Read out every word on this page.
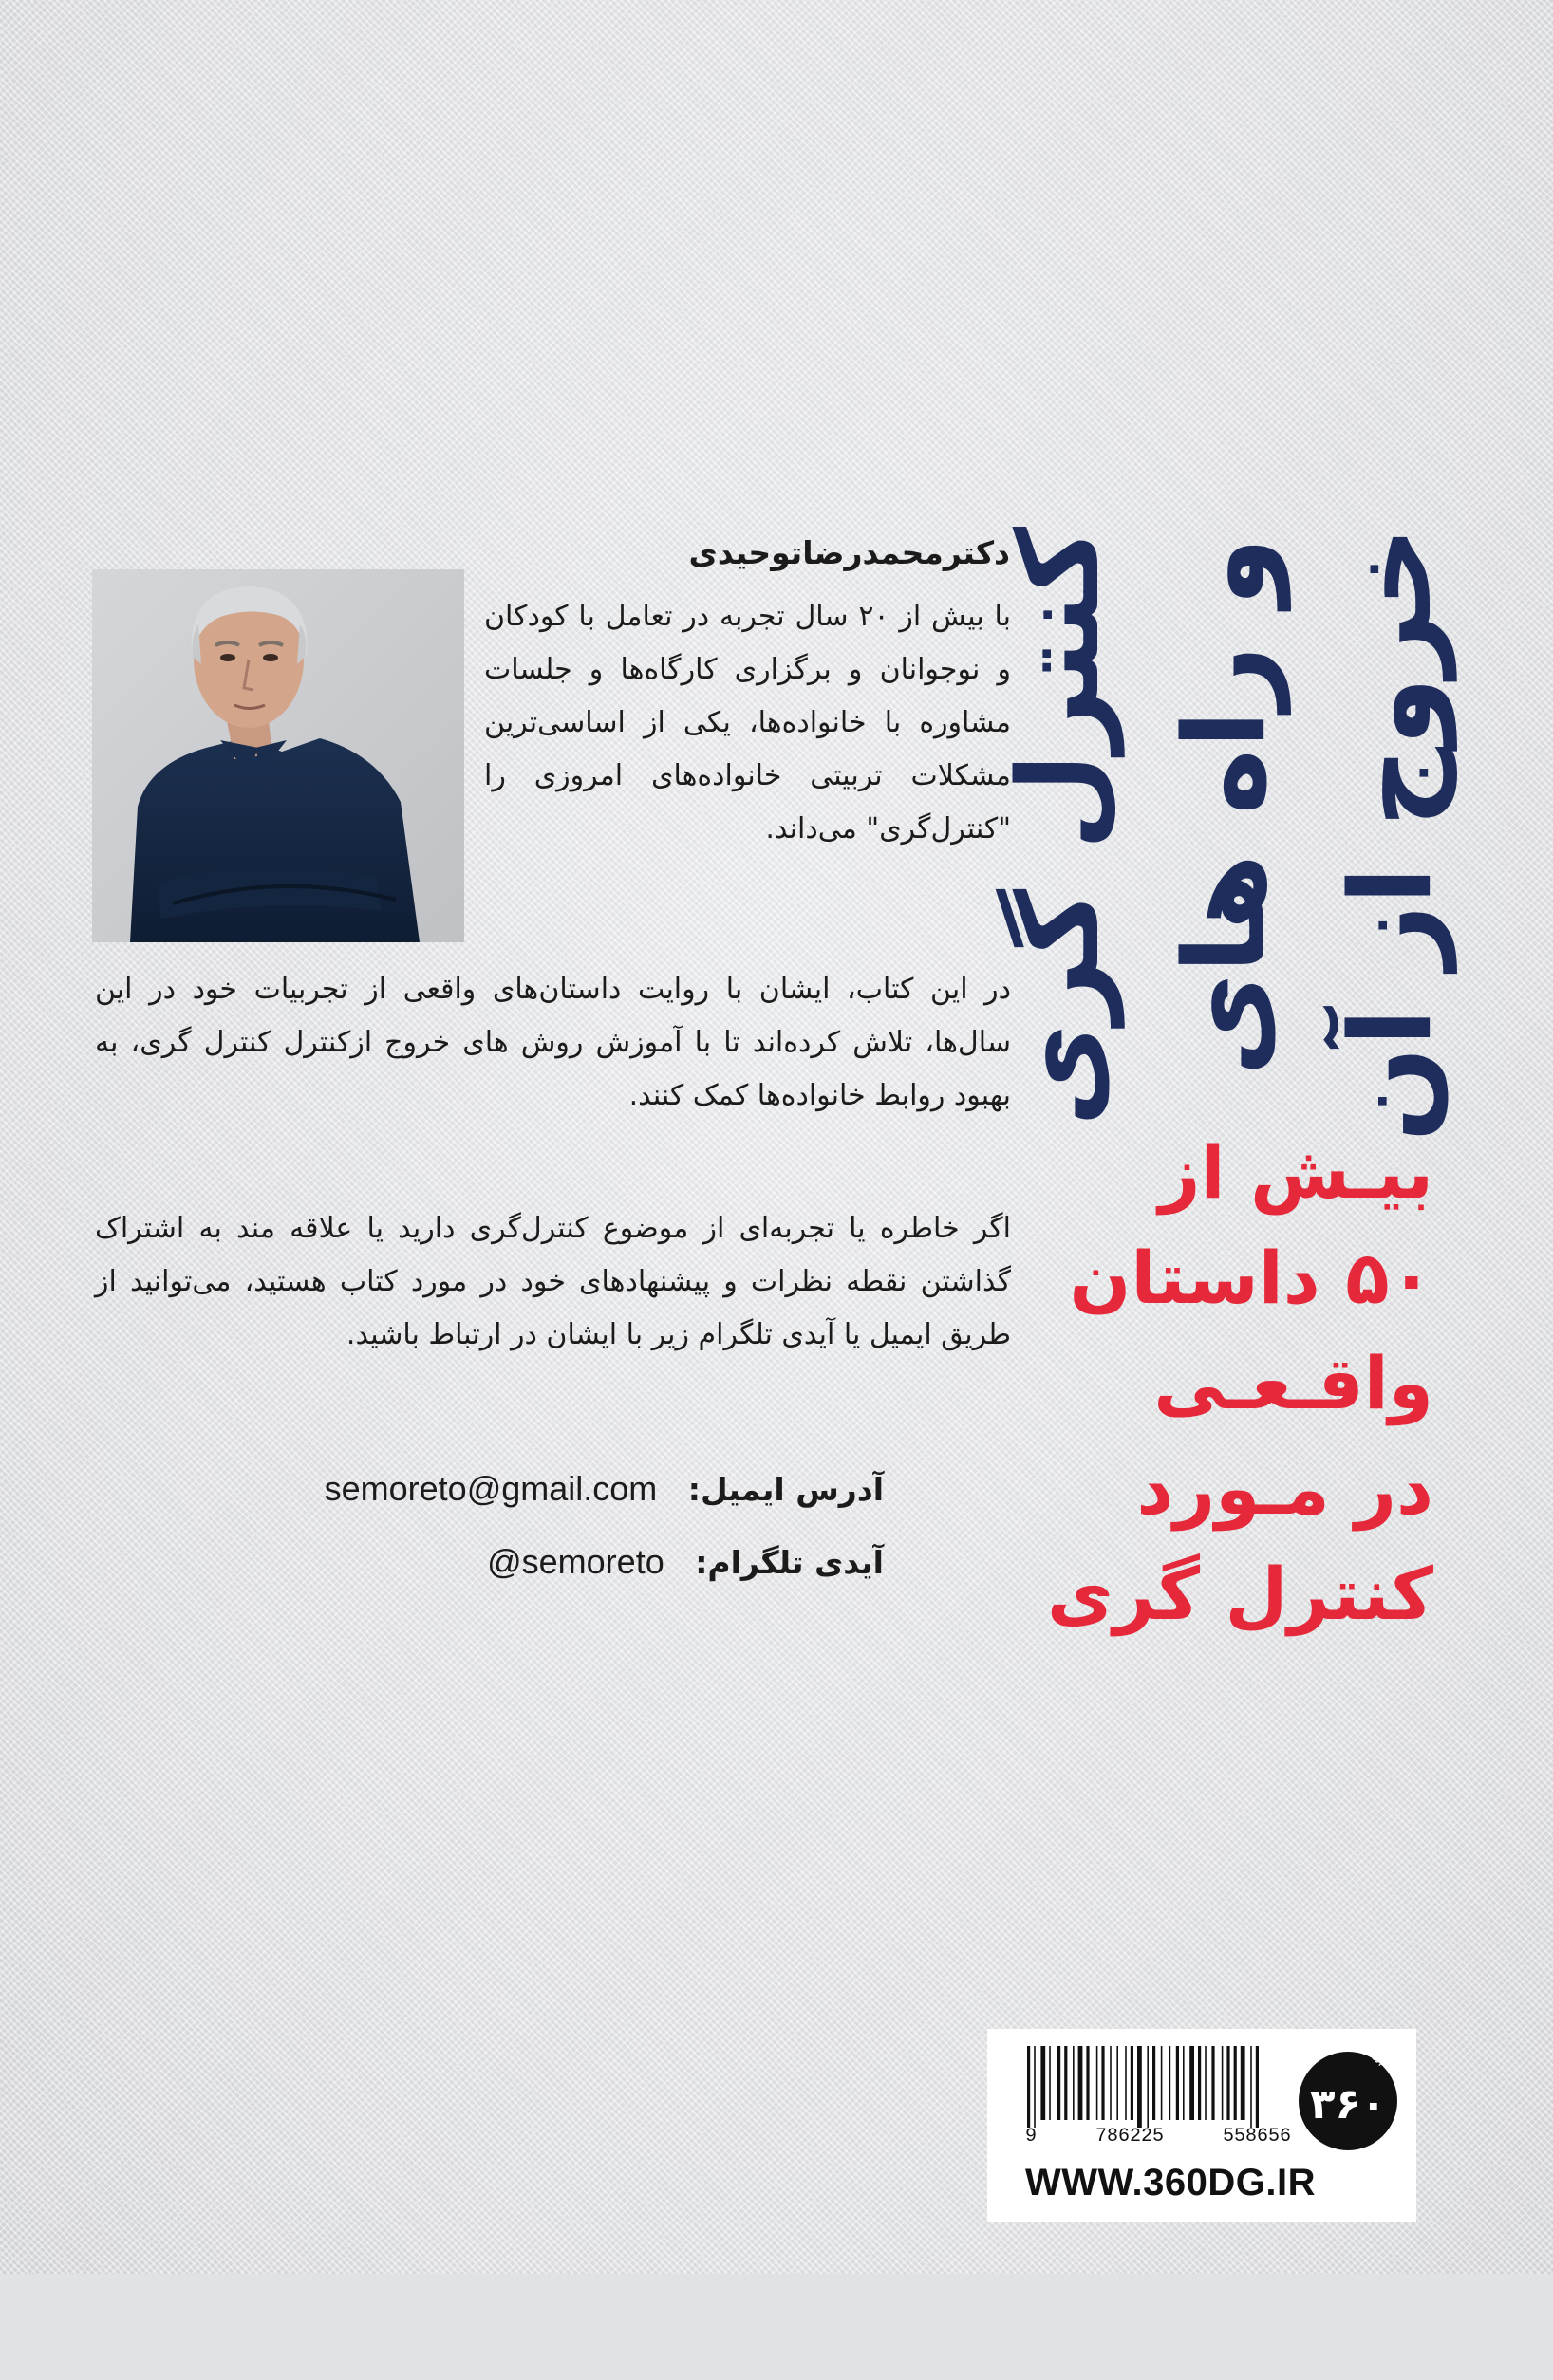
کنترل گری و راه های خروج از آن
بیـش از
۵۰ داستان
واقـعـی
در مـورد
کنترل گری
دکترمحمدرضاتوحیدی

با بیش از ۲۰ سال تجربه در تعامل با کودکان و نوجوانان و برگزاری کارگاه‌ها و جلسات مشاوره با خانواده‌ها، یکی از اساسی‌ترین مشکلات تربیتی خانواده‌های امروزی را "کنترل‌گری" می‌داند.

در این کتاب، ایشان با روایت داستان‌های واقعی از تجربیات خود در این سال‌ها، تلاش کرده‌اند تا با آموزش روش های خروج ازکنترل کنترل گری، به بهبود روابط خانواده‌ها کمک کنند.

اگر خاطره یا تجربه‌ای از موضوع کنترل‌گری دارید یا علاقه مند به اشتراک گذاشتن نقطه نظرات و پیشنهادهای خود در مورد کتاب هستید، می‌توانید از طریق ایمیل یا آیدی تلگرام زیر با ایشان در ارتباط باشید.

آدرس ایمیل: semoreto@gmail.com
آیدی تلگرام: @semoreto
9	786225	558656
انتشارات
۳۶۰
WWW.360DG.IR
